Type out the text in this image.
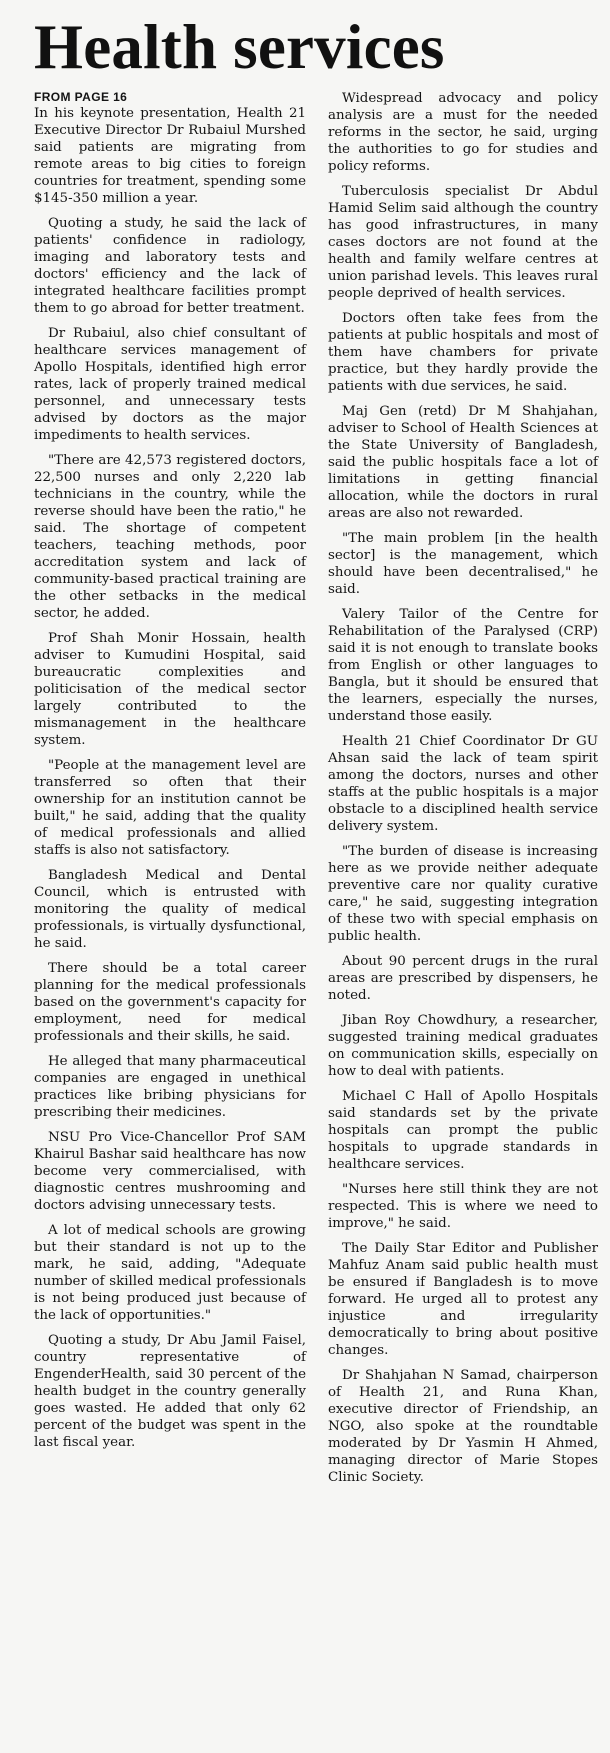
Health services
FROM PAGE 16

In his keynote presentation, Health 21 Executive Director Dr Rubaiul Murshed said patients are migrating from remote areas to big cities to foreign countries for treatment, spending some $145-350 million a year.

Quoting a study, he said the lack of patients' confidence in radiology, imaging and laboratory tests and doctors' efficiency and the lack of integrated healthcare facilities prompt them to go abroad for better treatment.

Dr Rubaiul, also chief consultant of healthcare services management of Apollo Hospitals, identified high error rates, lack of properly trained medical personnel, and unnecessary tests advised by doctors as the major impediments to health services.

"There are 42,573 registered doctors, 22,500 nurses and only 2,220 lab technicians in the country, while the reverse should have been the ratio," he said. The shortage of competent teachers, teaching methods, poor accreditation system and lack of community-based practical training are the other setbacks in the medical sector, he added.

Prof Shah Monir Hossain, health adviser to Kumudini Hospital, said bureaucratic complexities and politicisation of the medical sector largely contributed to the mismanagement in the healthcare system.

"People at the management level are transferred so often that their ownership for an institution cannot be built," he said, adding that the quality of medical professionals and allied staffs is also not satisfactory.

Bangladesh Medical and Dental Council, which is entrusted with monitoring the quality of medical professionals, is virtually dysfunctional, he said.

There should be a total career planning for the medical professionals based on the government's capacity for employment, need for medical professionals and their skills, he said.

He alleged that many pharmaceutical companies are engaged in unethical practices like bribing physicians for prescribing their medicines.

NSU Pro Vice-Chancellor Prof SAM Khairul Bashar said healthcare has now become very commercialised, with diagnostic centres mushrooming and doctors advising unnecessary tests.

A lot of medical schools are growing but their standard is not up to the mark, he said, adding, "Adequate number of skilled medical professionals is not being produced just because of the lack of opportunities."

Quoting a study, Dr Abu Jamil Faisel, country representative of EngenderHealth, said 30 percent of the health budget in the country generally goes wasted. He added that only 62 percent of the budget was spent in the last fiscal year.

Widespread advocacy and policy analysis are a must for the needed reforms in the sector, he said, urging the authorities to go for studies and policy reforms.

Tuberculosis specialist Dr Abdul Hamid Selim said although the country has good infrastructures, in many cases doctors are not found at the health and family welfare centres at union parishad levels. This leaves rural people deprived of health services.

Doctors often take fees from the patients at public hospitals and most of them have chambers for private practice, but they hardly provide the patients with due services, he said.

Maj Gen (retd) Dr M Shahjahan, adviser to School of Health Sciences at the State University of Bangladesh, said the public hospitals face a lot of limitations in getting financial allocation, while the doctors in rural areas are also not rewarded.

"The main problem [in the health sector] is the management, which should have been decentralised," he said.

Valery Tailor of the Centre for Rehabilitation of the Paralysed (CRP) said it is not enough to translate books from English or other languages to Bangla, but it should be ensured that the learners, especially the nurses, understand those easily.

Health 21 Chief Coordinator Dr GU Ahsan said the lack of team spirit among the doctors, nurses and other staffs at the public hospitals is a major obstacle to a disciplined health service delivery system.

"The burden of disease is increasing here as we provide neither adequate preventive care nor quality curative care," he said, suggesting integration of these two with special emphasis on public health.

About 90 percent drugs in the rural areas are prescribed by dispensers, he noted.

Jiban Roy Chowdhury, a researcher, suggested training medical graduates on communication skills, especially on how to deal with patients.

Michael C Hall of Apollo Hospitals said standards set by the private hospitals can prompt the public hospitals to upgrade standards in healthcare services.

"Nurses here still think they are not respected. This is where we need to improve," he said.

The Daily Star Editor and Publisher Mahfuz Anam said public health must be ensured if Bangladesh is to move forward. He urged all to protest any injustice and irregularity democratically to bring about positive changes.

Dr Shahjahan N Samad, chairperson of Health 21, and Runa Khan, executive director of Friendship, an NGO, also spoke at the roundtable moderated by Dr Yasmin H Ahmed, managing director of Marie Stopes Clinic Society.
